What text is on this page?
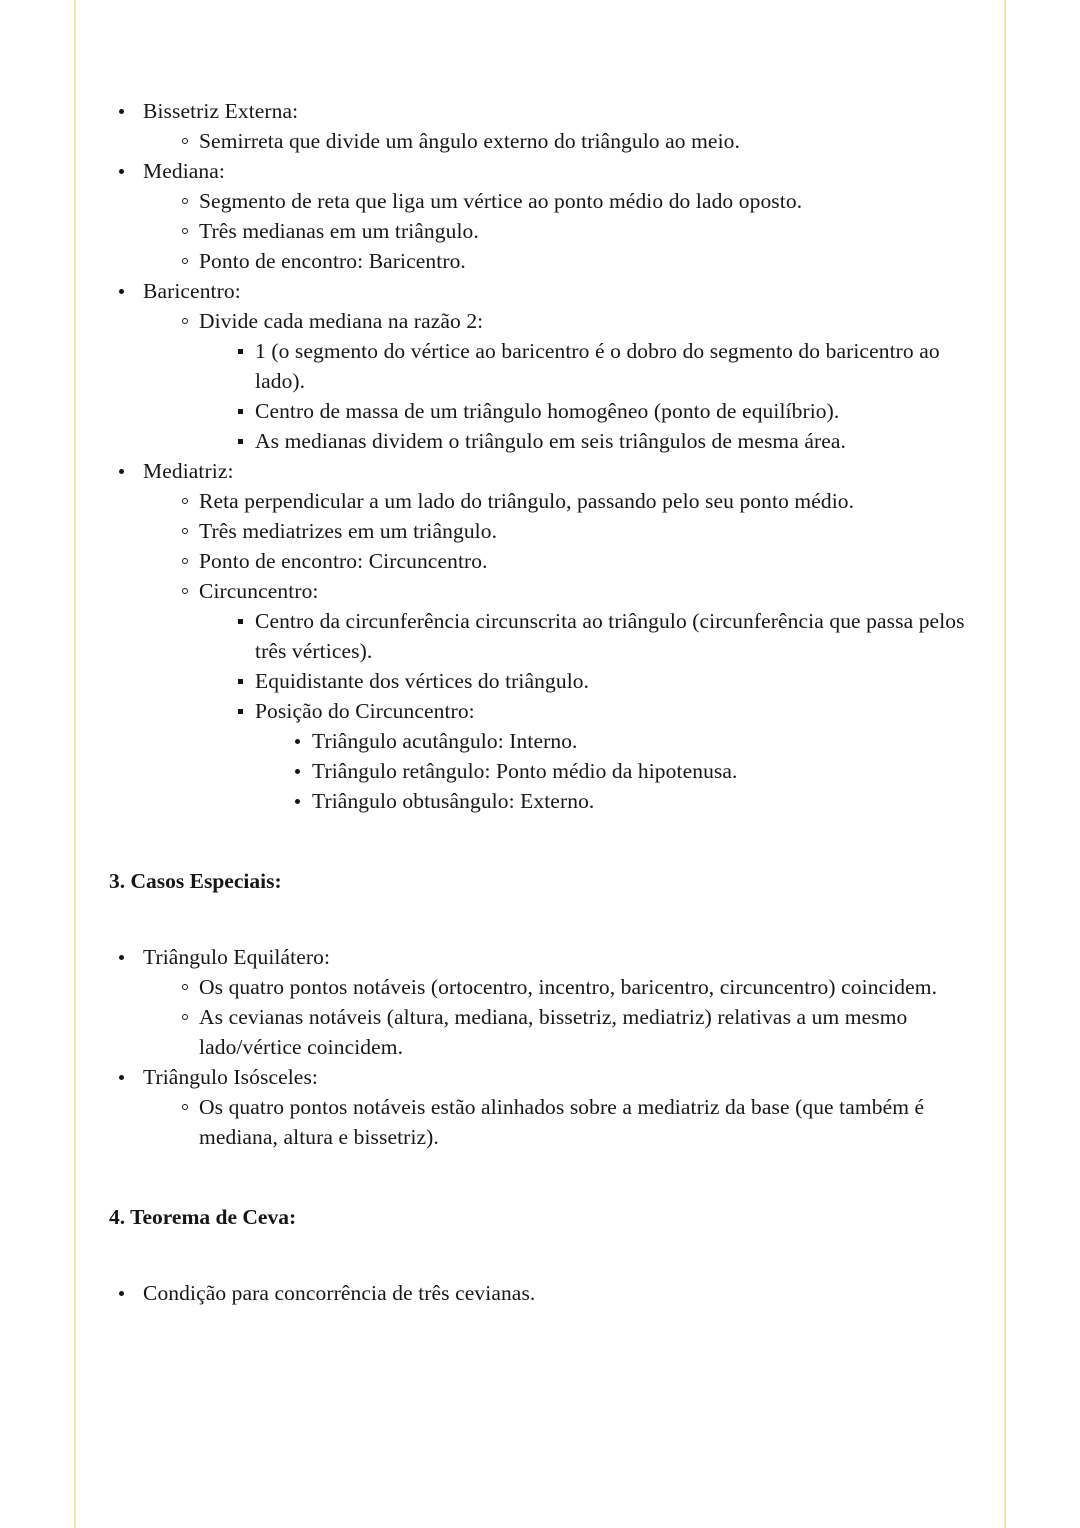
Bissetriz Externa:
Semirreta que divide um ângulo externo do triângulo ao meio.
Mediana:
Segmento de reta que liga um vértice ao ponto médio do lado oposto.
Três medianas em um triângulo.
Ponto de encontro: Baricentro.
Baricentro:
Divide cada mediana na razão 2:
1 (o segmento do vértice ao baricentro é o dobro do segmento do baricentro ao lado).
Centro de massa de um triângulo homogêneo (ponto de equilíbrio).
As medianas dividem o triângulo em seis triângulos de mesma área.
Mediatriz:
Reta perpendicular a um lado do triângulo, passando pelo seu ponto médio.
Três mediatrizes em um triângulo.
Ponto de encontro: Circuncentro.
Circuncentro:
Centro da circunferência circunscrita ao triângulo (circunferência que passa pelos três vértices).
Equidistante dos vértices do triângulo.
Posição do Circuncentro:
Triângulo acutângulo: Interno.
Triângulo retângulo: Ponto médio da hipotenusa.
Triângulo obtusângulo: Externo.
3. Casos Especiais:
Triângulo Equilátero:
Os quatro pontos notáveis (ortocentro, incentro, baricentro, circuncentro) coincidem.
As cevianas notáveis (altura, mediana, bissetriz, mediatriz) relativas a um mesmo lado/vértice coincidem.
Triângulo Isósceles:
Os quatro pontos notáveis estão alinhados sobre a mediatriz da base (que também é mediana, altura e bissetriz).
4. Teorema de Ceva:
Condição para concorrência de três cevianas.
